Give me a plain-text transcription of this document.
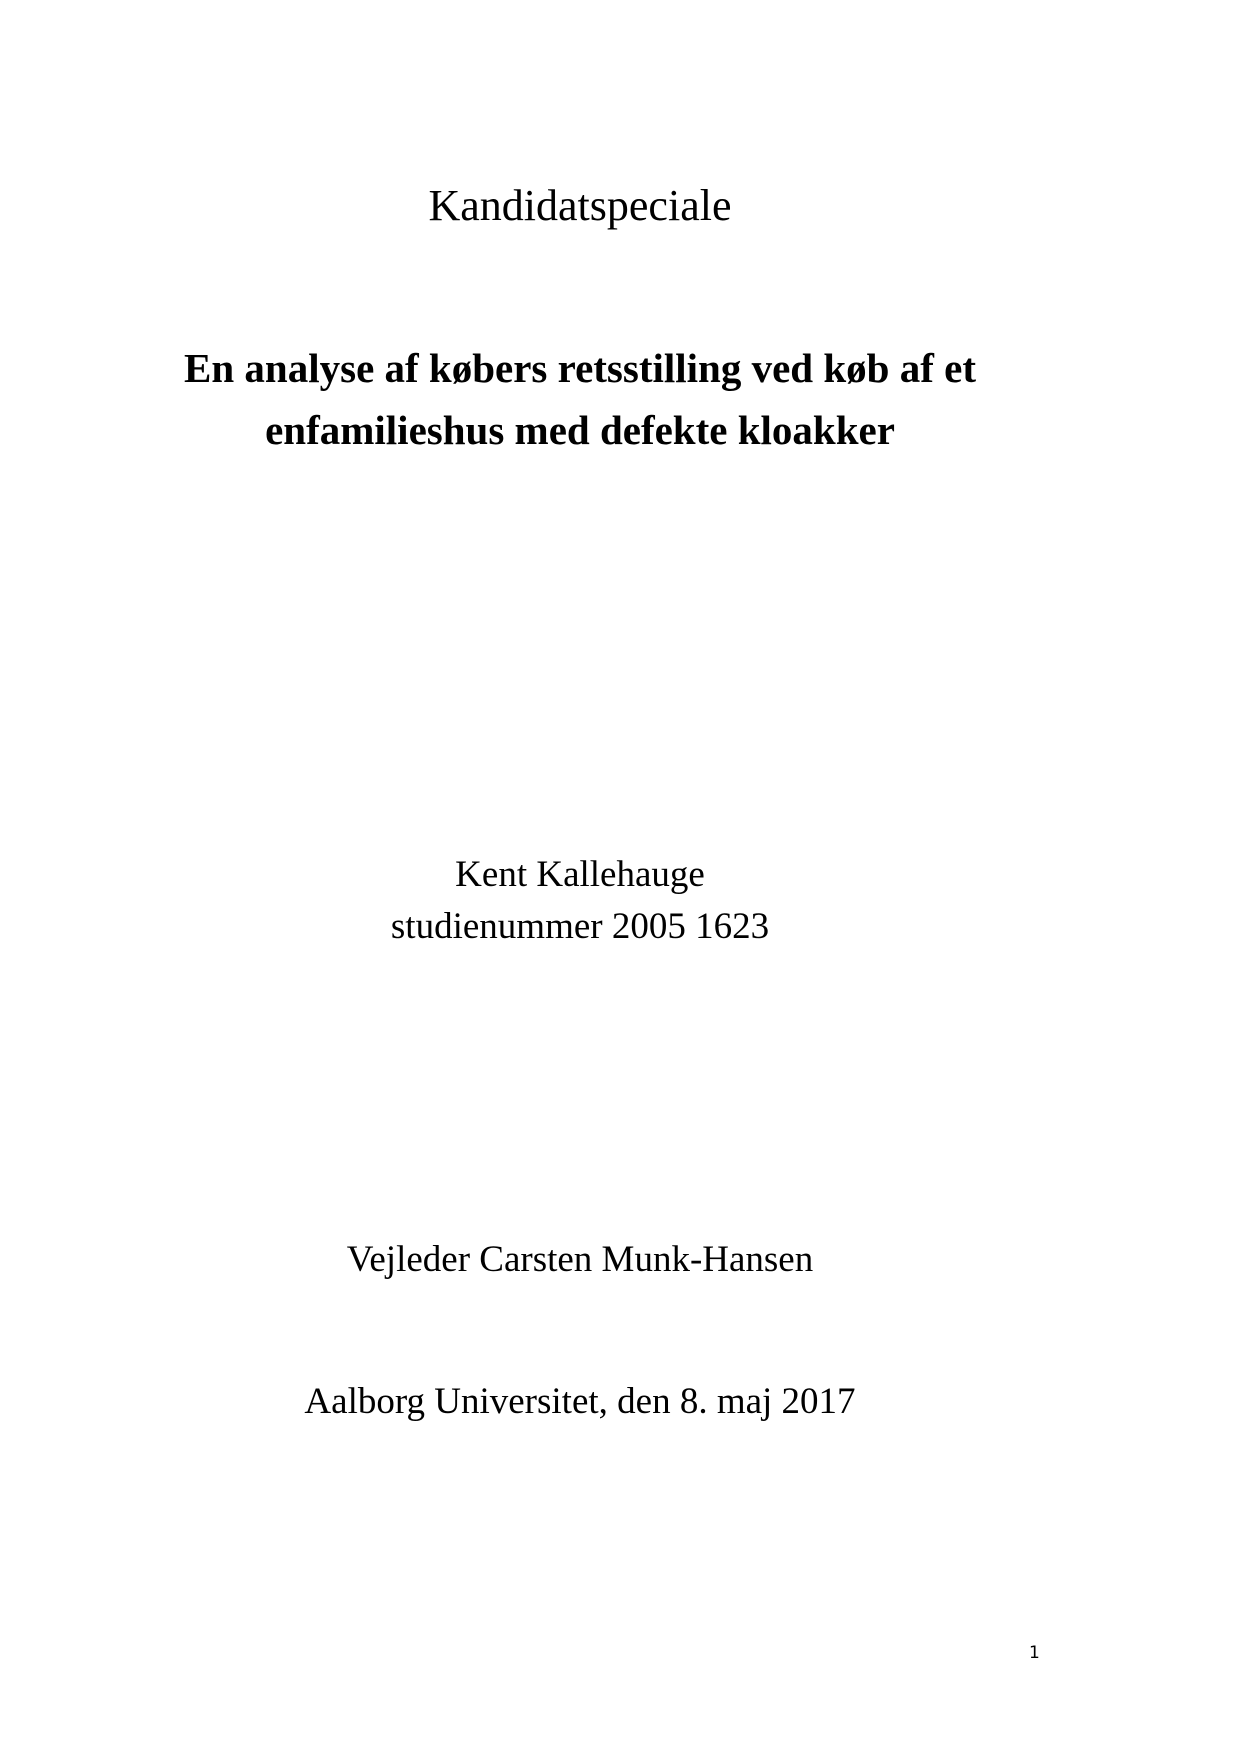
Kandidatspeciale
En analyse af købers retsstilling ved køb af et
enfamilieshus med defekte kloakker
Kent Kallehauge
studienummer 2005 1623
Vejleder Carsten Munk-Hansen
Aalborg Universitet, den 8. maj 2017
1
